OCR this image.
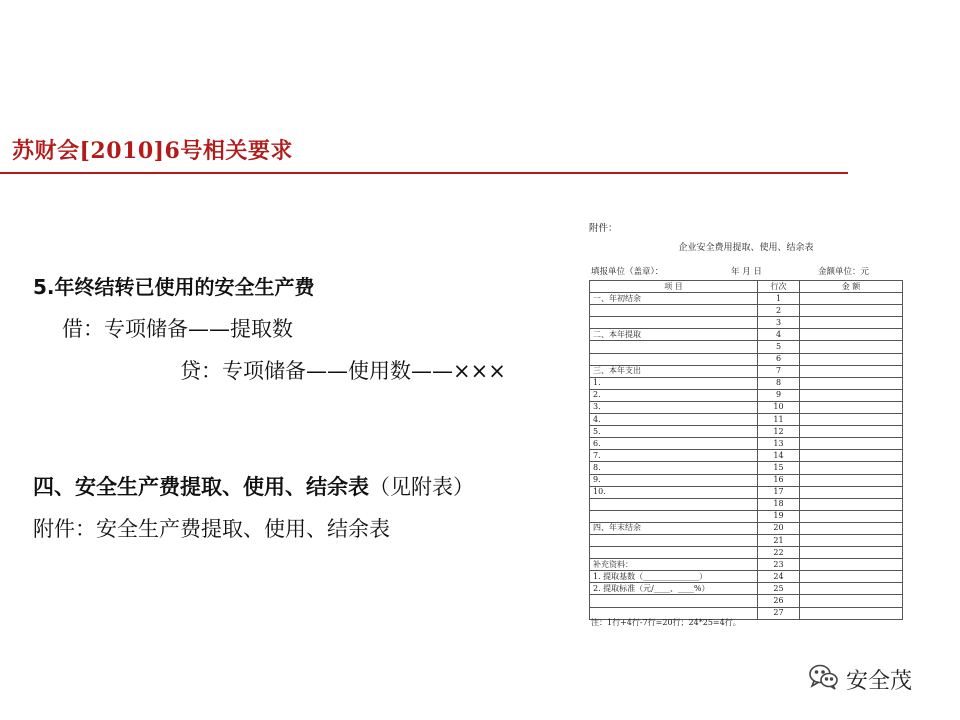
苏财会[2010]6号相关要求
5.年终结转已使用的安全生产费
借：专项储备——提取数
贷：专项储备——使用数——×××
四、安全生产费提取、使用、结余表（见附表）
附件：安全生产费提取、使用、结余表
附件：
企业安全费用提取、使用、结余表
填报单位（盖章）：	年 月 日	金额单位：元
项 目	行次	金 额
一、年初结余	1	
	2	
	3	
二、本年提取	4	
	5	
	6	
三、本年支出	7	
1.	8	
2.	9	
3.	10	
4.	11	
5.	12	
6.	13	
7.	14	
8.	15	
9.	16	
10.	17	
	18	
	19	
四、年末结余	20	
	21	
	22	
补充资料：	23	
1. 提取基数（______________）	24	
2. 提取标准（元/____、____%）	25	
	26	
	27	
注：1行+4行-7行=20行；24*25=4行。
安全茂
